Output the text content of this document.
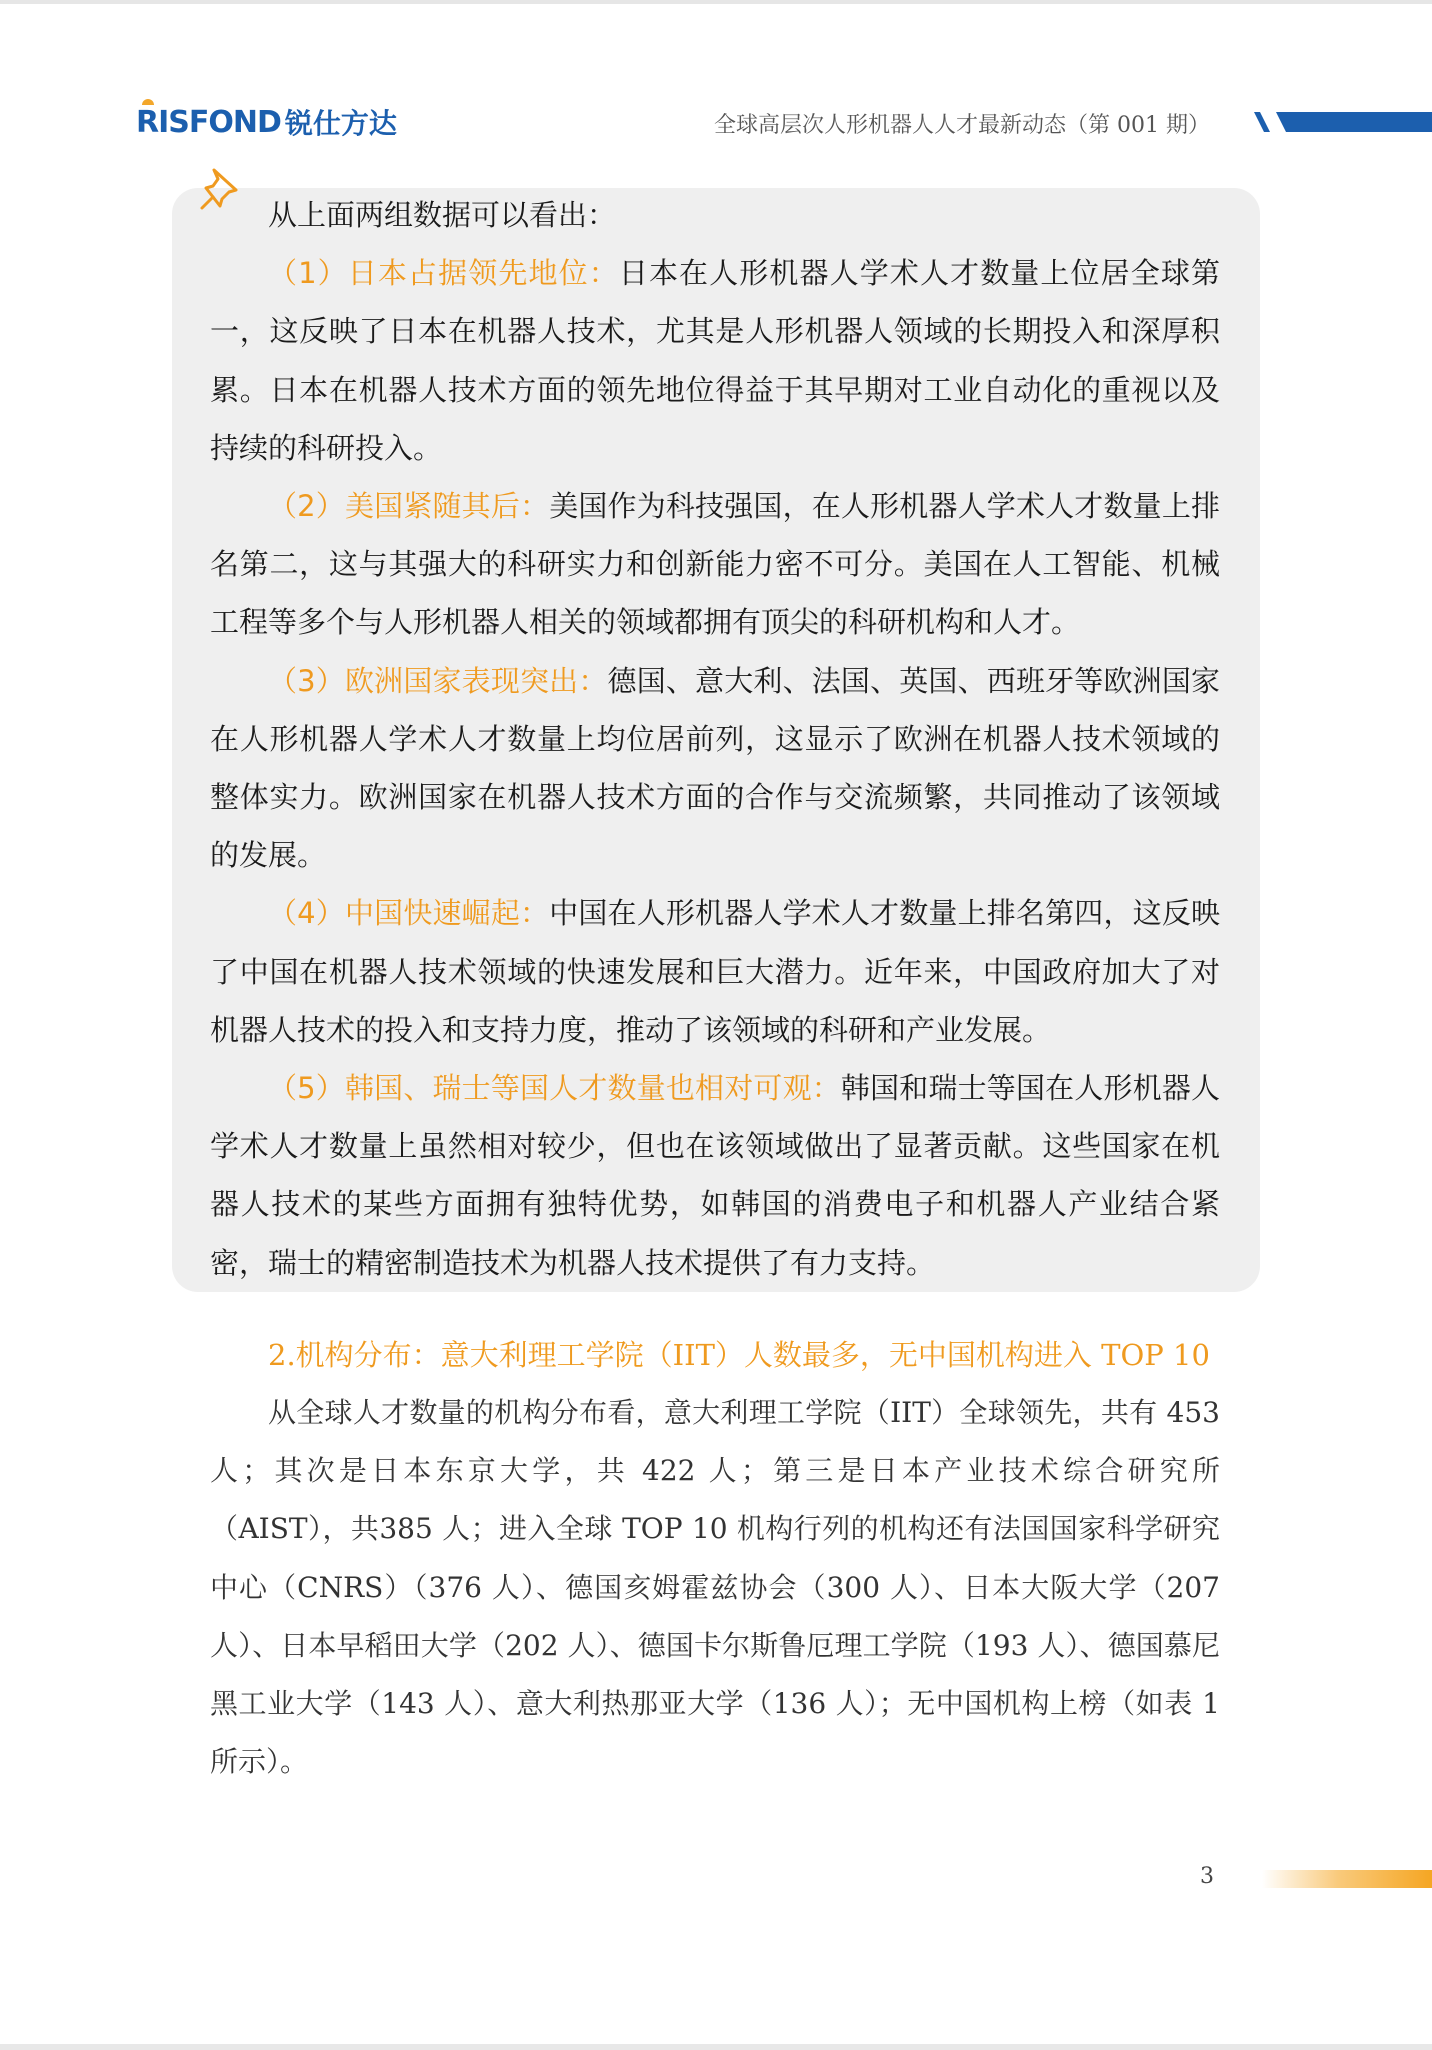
RISFOND 锐仕方达	全球高层次人形机器人人才最新动态（第 001 期）

从上面两组数据可以看出：

（1）日本占据领先地位：日本在人形机器人学术人才数量上位居全球第一，这反映了日本在机器人技术，尤其是人形机器人领域的长期投入和深厚积累。日本在机器人技术方面的领先地位得益于其早期对工业自动化的重视以及持续的科研投入。

（2）美国紧随其后：美国作为科技强国，在人形机器人学术人才数量上排名第二，这与其强大的科研实力和创新能力密不可分。美国在人工智能、机械工程等多个与人形机器人相关的领域都拥有顶尖的科研机构和人才。

（3）欧洲国家表现突出：德国、意大利、法国、英国、西班牙等欧洲国家在人形机器人学术人才数量上均位居前列，这显示了欧洲在机器人技术领域的整体实力。欧洲国家在机器人技术方面的合作与交流频繁，共同推动了该领域的发展。

（4）中国快速崛起：中国在人形机器人学术人才数量上排名第四，这反映了中国在机器人技术领域的快速发展和巨大潜力。近年来，中国政府加大了对机器人技术的投入和支持力度，推动了该领域的科研和产业发展。

（5）韩国、瑞士等国人才数量也相对可观：韩国和瑞士等国在人形机器人学术人才数量上虽然相对较少，但也在该领域做出了显著贡献。这些国家在机器人技术的某些方面拥有独特优势，如韩国的消费电子和机器人产业结合紧密，瑞士的精密制造技术为机器人技术提供了有力支持。

2.机构分布：意大利理工学院（IIT）人数最多，无中国机构进入 TOP 10

从全球人才数量的机构分布看，意大利理工学院（IIT）全球领先，共有 453 人；其次是日本东京大学，共 422 人；第三是日本产业技术综合研究所（AIST），共385 人；进入全球 TOP 10 机构行列的机构还有法国国家科学研究中心（CNRS）（376 人）、德国亥姆霍兹协会（300 人）、日本大阪大学（207 人）、日本早稻田大学（202 人）、德国卡尔斯鲁厄理工学院（193 人）、德国慕尼黑工业大学（143 人）、意大利热那亚大学（136 人）；无中国机构上榜（如表 1 所示）。

3
